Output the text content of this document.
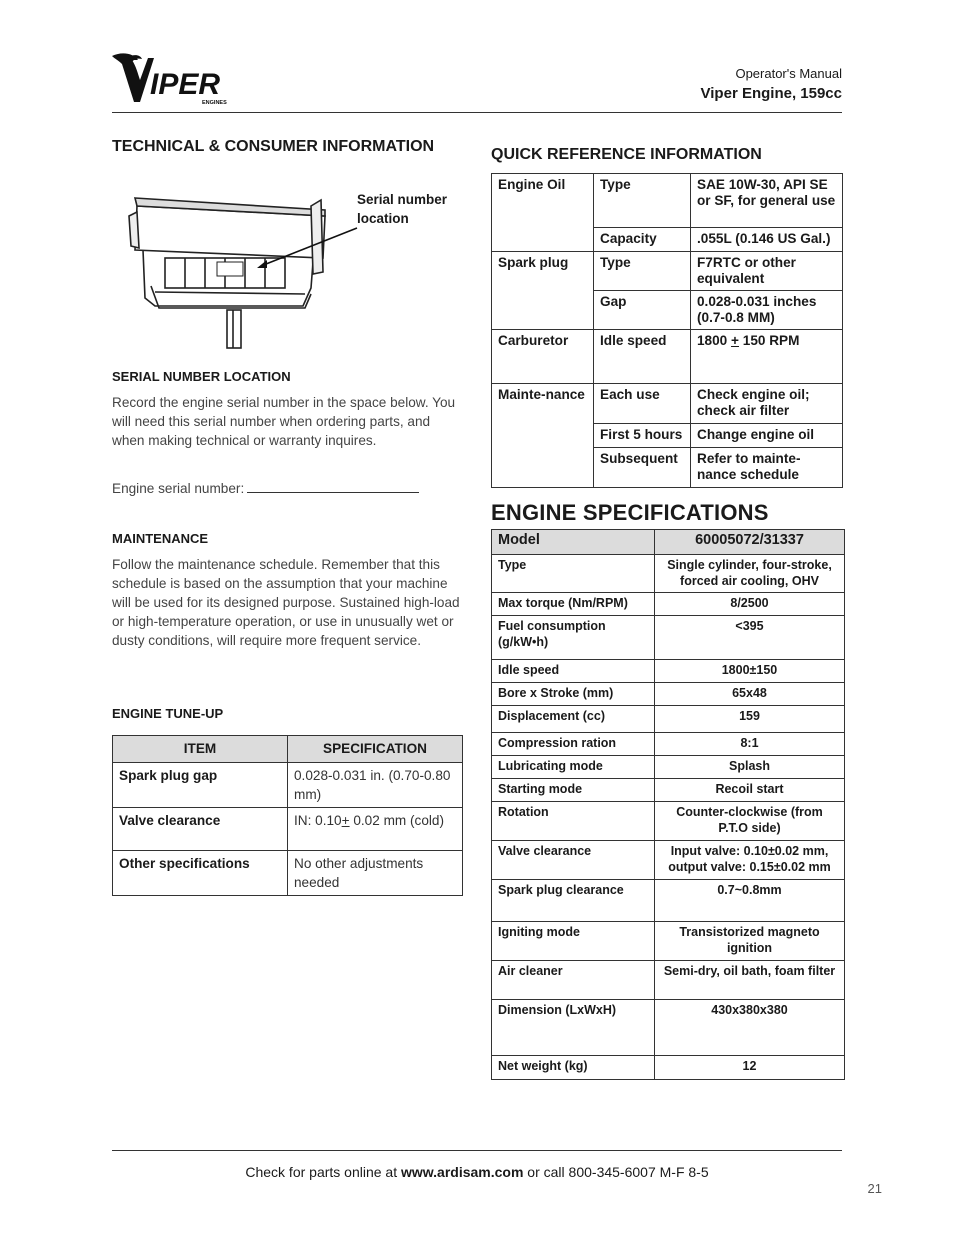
IPER
ENGINES
Operator's Manual
Viper Engine, 159cc
TECHNICAL & CONSUMER INFORMATION
Serial number location
SERIAL NUMBER LOCATION
Record the engine serial number in the space below. You will need this serial number when ordering parts, and when making technical or warranty inquires.
Engine serial number:
MAINTENANCE
Follow the maintenance schedule. Remember that this schedule is based on the assumption that your machine will be used for its designed purpose. Sustained high-load or high-temperature operation, or use in unusually wet or dusty conditions, will require more frequent service.
ENGINE TUNE-UP
ITEM	SPECIFICATION
Spark plug gap	0.028-0.031 in. (0.70-0.80 mm)
Valve clearance	IN: 0.10+ 0.02 mm (cold)
Other specifications	No other adjustments needed
QUICK REFERENCE INFORMATION
Engine Oil	Type	SAE 10W-30, API SE or SF, for general use
	Capacity	.055L (0.146 US Gal.)
Spark plug	Type	F7RTC or other equivalent
	Gap	0.028-0.031 inches (0.7-0.8 MM)
Carburetor	Idle speed	1800 + 150 RPM
Mainte-nance	Each use	Check engine oil; check air filter
	First 5 hours	Change engine oil
	Subsequent	Refer to mainte-nance schedule
ENGINE SPECIFICATIONS
Model	60005072/31337
Type	Single cylinder, four-stroke, forced air cooling, OHV
Max torque (Nm/RPM)	8/2500
Fuel consumption (g/kW•h)	<395
Idle speed	1800±150
Bore x Stroke (mm)	65x48
Displacement (cc)	159
Compression ration	8:1
Lubricating mode	Splash
Starting mode	Recoil start
Rotation	Counter-clockwise (from P.T.O side)
Valve clearance	Input valve: 0.10±0.02 mm, output valve: 0.15±0.02 mm
Spark plug clearance	0.7~0.8mm
Igniting mode	Transistorized magneto ignition
Air cleaner	Semi-dry, oil bath, foam filter
Dimension (LxWxH)	430x380x380
Net weight (kg)	12
Check for parts online at www.ardisam.com or call 800-345-6007 M-F 8-5
21
